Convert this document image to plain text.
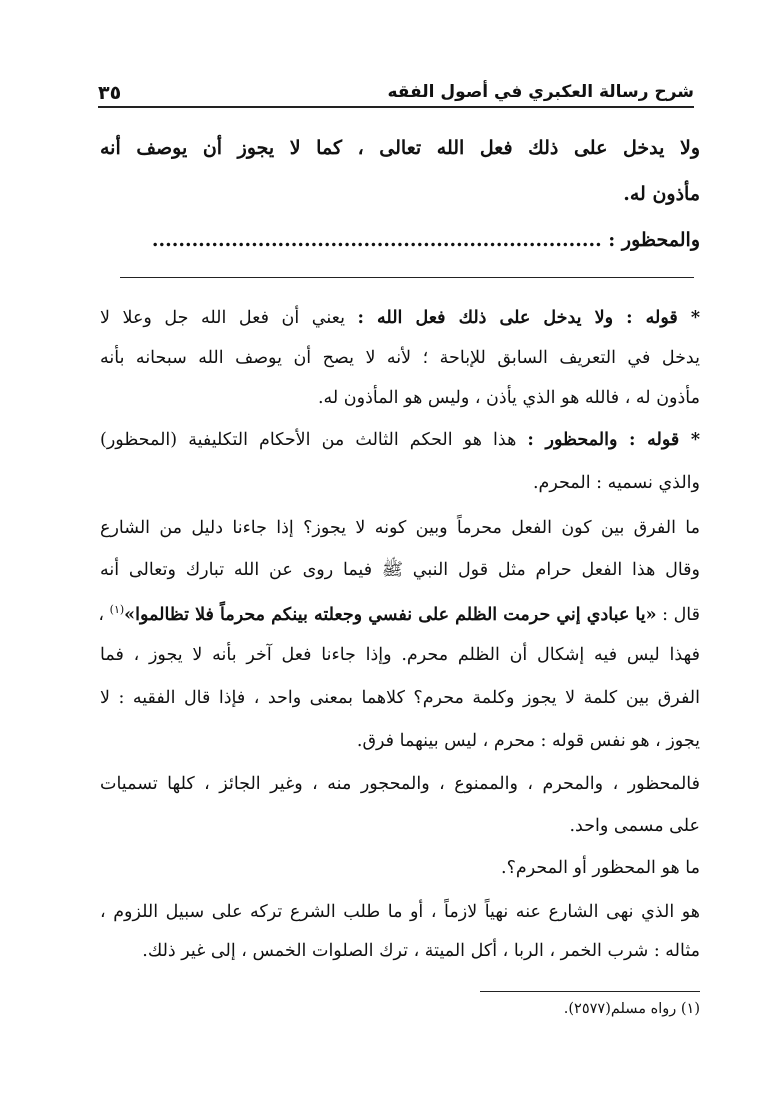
شرح رسالة العكبري في أصول الفقه
٣٥
ولا يدخل على ذلك فعل الله تعالى ، كما لا يجوز أن يوصف أنه
مأذون له.
والمحظور : ....................................................................
* قوله : ولا يدخل على ذلك فعل الله : يعني أن فعل الله جل وعلا لا
يدخل في التعريف السابق للإباحة ؛ لأنه لا يصح أن يوصف الله سبحانه بأنه
مأذون له ، فالله هو الذي يأذن ، وليس هو المأذون له.
* قوله : والمحظور : هذا هو الحكم الثالث من الأحكام التكليفية (المحظور)
والذي نسميه : المحرم.
ما الفرق بين كون الفعل محرماً وبين كونه لا يجوز؟ إذا جاءنا دليل من الشارع
وقال هذا الفعل حرام مثل قول النبي ﷺ فيما روى عن الله تبارك وتعالى أنه
قال : «يا عبادي إني حرمت الظلم على نفسي وجعلته بينكم محرماً فلا تظالموا»$^{(١)}$ ،
فهذا ليس فيه إشكال أن الظلم محرم. وإذا جاءنا فعل آخر بأنه لا يجوز ، فما
الفرق بين كلمة لا يجوز وكلمة محرم؟ كلاهما بمعنى واحد ، فإذا قال الفقيه : لا
يجوز ، هو نفس قوله : محرم ، ليس بينهما فرق.
فالمحظور ، والمحرم ، والممنوع ، والمحجور منه ، وغير الجائز ، كلها تسميات
على مسمى واحد.
ما هو المحظور أو المحرم؟.
هو الذي نهى الشارع عنه نهياً لازماً ، أو ما طلب الشرع تركه على سبيل اللزوم ،
مثاله : شرب الخمر ، الربا ، أكل الميتة ، ترك الصلوات الخمس ، إلى غير ذلك.
(١) رواه مسلم(٢٥٧٧).
